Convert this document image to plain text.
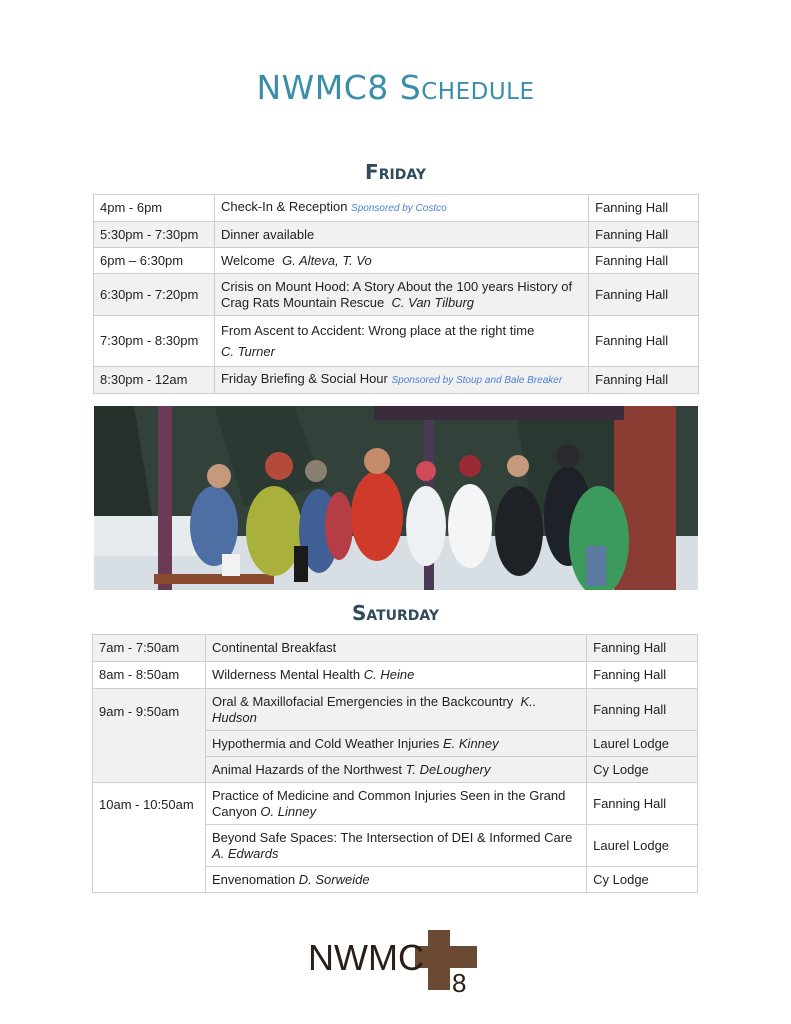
NWMC8 Schedule
Friday
4pm - 6pm	Check-In & Reception Sponsored by Costco	Fanning Hall
5:30pm - 7:30pm	Dinner available	Fanning Hall
6pm – 6:30pm	Welcome G. Alteva, T. Vo	Fanning Hall
6:30pm - 7:20pm	Crisis on Mount Hood: A Story About the 100 years History of Crag Rats Mountain Rescue C. Van Tilburg	Fanning Hall
7:30pm - 8:30pm	From Ascent to Accident: Wrong place at the right time
C. Turner	Fanning Hall
8:30pm - 12am	Friday Briefing & Social Hour Sponsored by Stoup and Bale Breaker	Fanning Hall
Saturday
7am - 7:50am	Continental Breakfast	Fanning Hall
8am - 8:50am	Wilderness Mental Health C. Heine	Fanning Hall
9am - 9:50am	Oral & Maxillofacial Emergencies in the Backcountry K.. Hudson	Fanning Hall
	Hypothermia and Cold Weather Injuries E. Kinney	Laurel Lodge
	Animal Hazards of the Northwest T. DeLoughery	Cy Lodge
10am - 10:50am	Practice of Medicine and Common Injuries Seen in the Grand Canyon O. Linney	Fanning Hall
	Beyond Safe Spaces: The Intersection of DEI & Informed Care
A. Edwards	Laurel Lodge
	Envenomation D. Sorweide	Cy Lodge
NWMC
8
